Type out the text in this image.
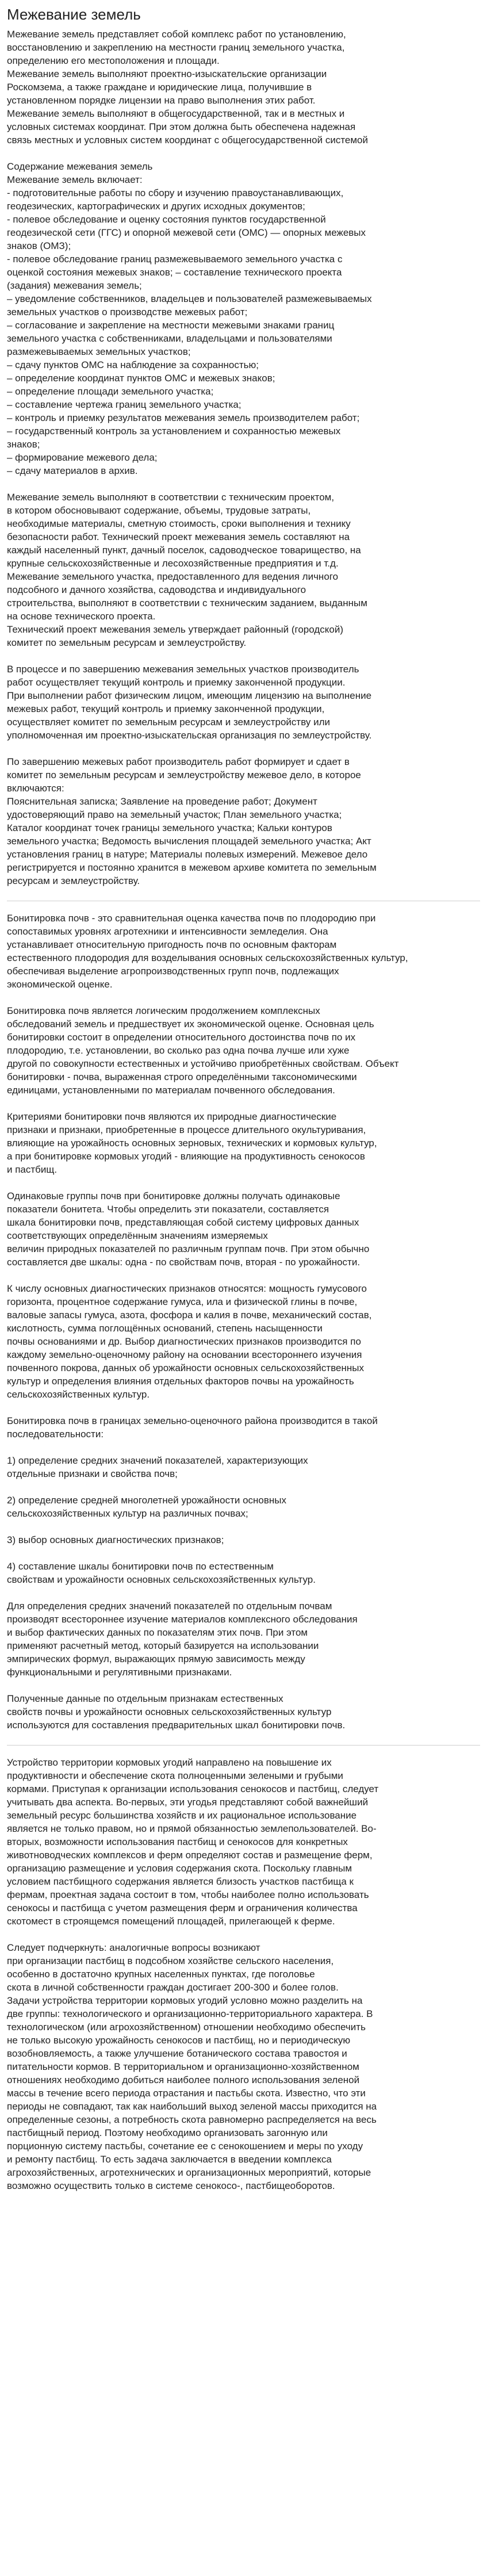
Межевание земель
Межевание земель представляет собой комплекс работ по установлению,
восстановлению и закреплению на местности границ земельного участка,
определению его местоположения и площади.
Межевание земель выполняют проектно-изыскательские организации
Роскомзема, а также граждане и юридические лица, получившие в
установленном порядке лицензии на право выполнения этих работ.
Межевание земель выполняют в общегосударственной, так и в местных и
условных системах координат. При этом должна быть обеспечена надежная
связь местных и условных систем координат с общегосударственной системой
Содержание межевания земель
Межевание земель включает:
- подготовительные работы по сбору и изучению правоустанавливающих,
геодезических, картографических и других исходных документов;
- полевое обследование и оценку состояния пунктов государственной
геодезической сети (ГГС) и опорной межевой сети (ОМС) — опорных межевых
знаков (ОМЗ);
- полевое обследование границ размежевываемого земельного участка с
оценкой состояния межевых знаков; – составление технического проекта
(задания) межевания земель;
– уведомление собственников, владельцев и пользователей размежевываемых
земельных участков о производстве межевых работ;
– согласование и закрепление на местности межевыми знаками границ
земельного участка с собственниками, владельцами и пользователями
размежевываемых земельных участков;
– сдачу пунктов ОМС на наблюдение за сохранностью;
– определение координат пунктов ОМС и межевых знаков;
– определение площади земельного участка;
– составление чертежа границ земельного участка;
– контроль и приемку результатов межевания земель производителем работ;
– государственный контроль за установлением и сохранностью межевых
знаков;
– формирование межевого дела;
– сдачу материалов в архив.
Межевание земель выполняют в соответствии с техническим проектом,
в котором обосновывают содержание, объемы, трудовые затраты,
необходимые материалы, сметную стоимость, сроки выполнения и технику
безопасности работ. Технический проект межевания земель составляют на
каждый населенный пункт, дачный поселок, садоводческое товарищество, на
крупные сельскохозяйственные и лесохозяйственные предприятия и т.д.
Межевание земельного участка, предоставленного для ведения личного
подсобного и дачного хозяйства, садоводства и индивидуального
строительства, выполняют в соответствии с техническим заданием, выданным
на основе технического проекта.
Технический проект межевания земель утверждает районный (городской)
комитет по земельным ресурсам и землеустройству.
В процессе и по завершению межевания земельных участков производитель
работ осуществляет текущий контроль и приемку законченной продукции.
При выполнении работ физическим лицом, имеющим лицензию на выполнение
межевых работ, текущий контроль и приемку законченной продукции,
осуществляет комитет по земельным ресурсам и землеустройству или
уполномоченная им проектно-изыскательская организация по землеустройству.
По завершению межевых работ производитель работ формирует и сдает в
комитет по земельным ресурсам и землеустройству межевое дело, в которое
включаются:
Пояснительная записка; Заявление на проведение работ; Документ
удостоверяющий право на земельный участок; План земельного участка;
Каталог координат точек границы земельного участка; Кальки контуров
земельного участка; Ведомость вычисления площадей земельного участка; Акт
установления границ в натуре; Материалы полевых измерений. Межевое дело
регистрируется и постоянно хранится в межевом архиве комитета по земельным
ресурсам и землеустройству.
Бонитировка почв - это сравнительная оценка качества почв по плодородию при
сопоставимых уровнях агротехники и интенсивности земледелия. Она
устанавливает относительную пригодность почв по основным факторам
естественного плодородия для возделывания основных сельскохозяйственных культур,
обеспечивая выделение агропроизводственных групп почв, подлежащих
экономической оценке.
Бонитировка почв является логическим продолжением комплексных
обследований земель и предшествует их экономической оценке. Основная цель
бонитировки состоит в определении относительного достоинства почв по их
плодородию, т.е. установлении, во сколько раз одна почва лучше или хуже
другой по совокупности естественных и устойчиво приобретённых свойствам. Объект
бонитировки - почва, выраженная строго определёнными таксономическими
единицами, установленными по материалам почвенного обследования.
Критериями бонитировки почв являются их природные диагностические
признаки и признаки, приобретенные в процессе длительного окультуривания,
влияющие на урожайность основных зерновых, технических и кормовых культур,
а при бонитировке кормовых угодий - влияющие на продуктивность сенокосов
и пастбищ.
Одинаковые группы почв при бонитировке должны получать одинаковые
показатели бонитета. Чтобы определить эти показатели, составляется
шкала бонитировки почв, представляющая собой систему цифровых данных
соответствующих определённым значениям измеряемых
величин природных показателей по различным группам почв. При этом обычно
составляется две шкалы: одна - по свойствам почв, вторая - по урожайности.
К числу основных диагностических признаков относятся: мощность гумусового
горизонта, процентное содержание гумуса, ила и физической глины в почве,
валовые запасы гумуса, азота, фосфора и калия в почве, механический состав,
кислотность, сумма поглощённых оснований, степень насыщенности
почвы основаниями и др. Выбор диагностических признаков производится по
каждому земельно-оценочному району на основании всестороннего изучения
почвенного покрова, данных об урожайности основных сельскохозяйственных
культур и определения влияния отдельных факторов почвы на урожайность
сельскохозяйственных культур.
Бонитировка почв в границах земельно-оценочного района производится в такой
последовательности:
1) определение средних значений показателей, характеризующих
отдельные признаки и свойства почв;
2) определение средней многолетней урожайности основных
сельскохозяйственных культур на различных почвах;
3) выбор основных диагностических признаков;
4) составление шкалы бонитировки почв по естественным
свойствам и урожайности основных сельскохозяйственных культур.
Для определения средних значений показателей по отдельным почвам
производят всестороннее изучение материалов комплексного обследования
и выбор фактических данных по показателям этих почв. При этом
применяют расчетный метод, который базируется на использовании
эмпирических формул, выражающих прямую зависимость между
функциональными и регулятивными признаками.
Полученные данные по отдельным признакам естественных
свойств почвы и урожайности основных сельскохозяйственных культур
используются для составления предварительных шкал бонитировки почв.
Устройство территории кормовых угодий направлено на повышение их
продуктивности и обеспечение скота полноценными зелеными и грубыми
кормами. Приступая к организации использования сенокосов и пастбищ, следует
учитывать два аспекта. Во-первых, эти угодья представляют собой важнейший
земельный ресурс большинства хозяйств и их рациональное использование
является не только правом, но и прямой обязанностью землепользователей. Во-
вторых, возможности использования пастбищ и сенокосов для конкретных
животноводческих комплексов и ферм определяют состав и размещение ферм,
организацию размещение и условия содержания скота. Поскольку главным
условием пастбищного содержания является близость участков пастбища к
фермам, проектная задача состоит в том, чтобы наиболее полно использовать
сенокосы и пастбища с учетом размещения ферм и ограничения количества
скотомест в строящемся помещений площадей, прилегающей к ферме.
Следует подчеркнуть: аналогичные вопросы возникают
при организации пастбищ в подсобном хозяйстве сельского населения,
особенно в достаточно крупных населенных пунктах, где поголовье
скота в личной собственности граждан достигает 200-300 и более голов.
Задачи устройства территории кормовых угодий условно можно разделить на
две группы: технологического и организационно-территориального характера. В
технологическом (или агрохозяйственном) отношении необходимо обеспечить
не только высокую урожайность сенокосов и пастбищ, но и периодическую
возобновляемость, а также улучшение ботанического состава травостоя и
питательности кормов. В территориальном и организационно-хозяйственном
отношениях необходимо добиться наиболее полного использования зеленой
массы в течение всего периода отрастания и пастьбы скота. Известно, что эти
периоды не совпадают, так как наибольший выход зеленой массы приходится на
определенные сезоны, а потребность скота равномерно распределяется на весь
пастбищный период. Поэтому необходимо организовать загонную или
порционную систему пастьбы, сочетание ее с сенокошением и меры по уходу
и ремонту пастбищ. То есть задача заключается в введении комплекса
агрохозяйственных, агротехнических и организационных мероприятий, которые
возможно осуществить только в системе сенокосо-, пастбищеоборотов.
